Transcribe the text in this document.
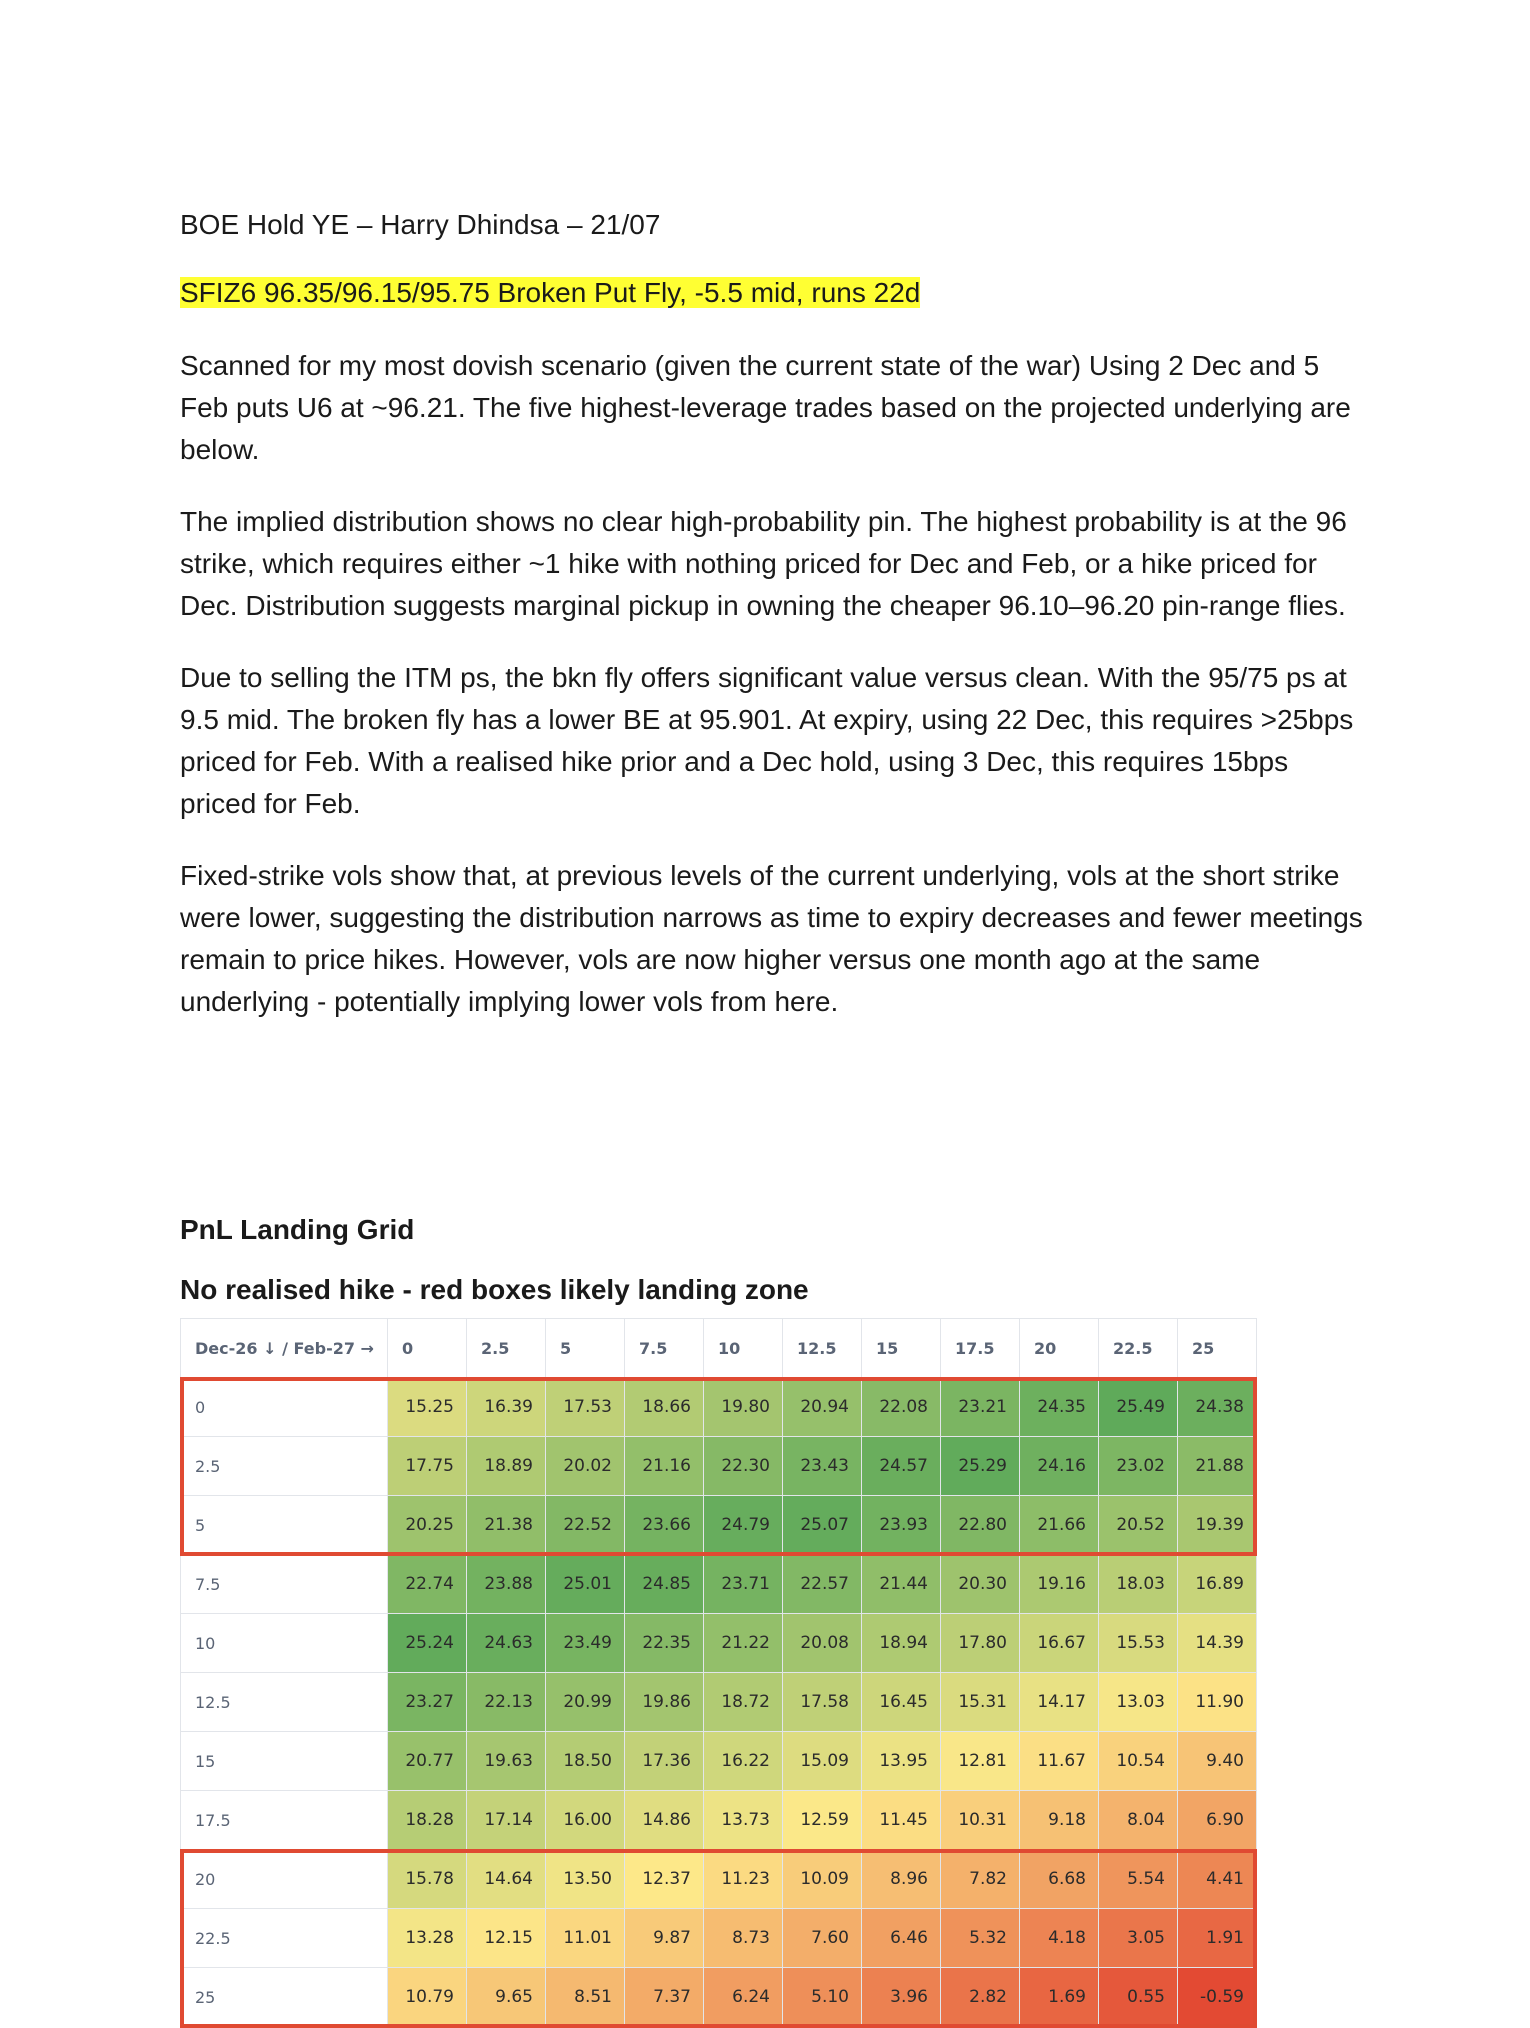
BOE Hold YE – Harry Dhindsa – 21/07
SFIZ6 96.35/96.15/95.75 Broken Put Fly, -5.5 mid, runs 22d

Scanned for my most dovish scenario (given the current state of the war) Using 2 Dec and 5 Feb puts U6 at ~96.21. The five highest-leverage trades based on the projected underlying are below.

The implied distribution shows no clear high-probability pin. The highest probability is at the 96 strike, which requires either ~1 hike with nothing priced for Dec and Feb, or a hike priced for Dec. Distribution suggests marginal pickup in owning the cheaper 96.10–96.20 pin-range flies.

Due to selling the ITM ps, the bkn fly offers significant value versus clean. With the 95/75 ps at 9.5 mid. The broken fly has a lower BE at 95.901. At expiry, using 22 Dec, this requires >25bps priced for Feb. With a realised hike prior and a Dec hold, using 3 Dec, this requires 15bps priced for Feb.

Fixed-strike vols show that, at previous levels of the current underlying, vols at the short strike were lower, suggesting the distribution narrows as time to expiry decreases and fewer meetings remain to price hikes. However, vols are now higher versus one month ago at the same underlying - potentially implying lower vols from here.

PnL Landing Grid
No realised hike - red boxes likely landing zone
Dec-26 ↓ / Feb-27 →	0	2.5	5	7.5	10	12.5	15	17.5	20	22.5	25
0	15.25	16.39	17.53	18.66	19.80	20.94	22.08	23.21	24.35	25.49	24.38
2.5	17.75	18.89	20.02	21.16	22.30	23.43	24.57	25.29	24.16	23.02	21.88
5	20.25	21.38	22.52	23.66	24.79	25.07	23.93	22.80	21.66	20.52	19.39
7.5	22.74	23.88	25.01	24.85	23.71	22.57	21.44	20.30	19.16	18.03	16.89
10	25.24	24.63	23.49	22.35	21.22	20.08	18.94	17.80	16.67	15.53	14.39
12.5	23.27	22.13	20.99	19.86	18.72	17.58	16.45	15.31	14.17	13.03	11.90
15	20.77	19.63	18.50	17.36	16.22	15.09	13.95	12.81	11.67	10.54	9.40
17.5	18.28	17.14	16.00	14.86	13.73	12.59	11.45	10.31	9.18	8.04	6.90
20	15.78	14.64	13.50	12.37	11.23	10.09	8.96	7.82	6.68	5.54	4.41
22.5	13.28	12.15	11.01	9.87	8.73	7.60	6.46	5.32	4.18	3.05	1.91
25	10.79	9.65	8.51	7.37	6.24	5.10	3.96	2.82	1.69	0.55	-0.59
